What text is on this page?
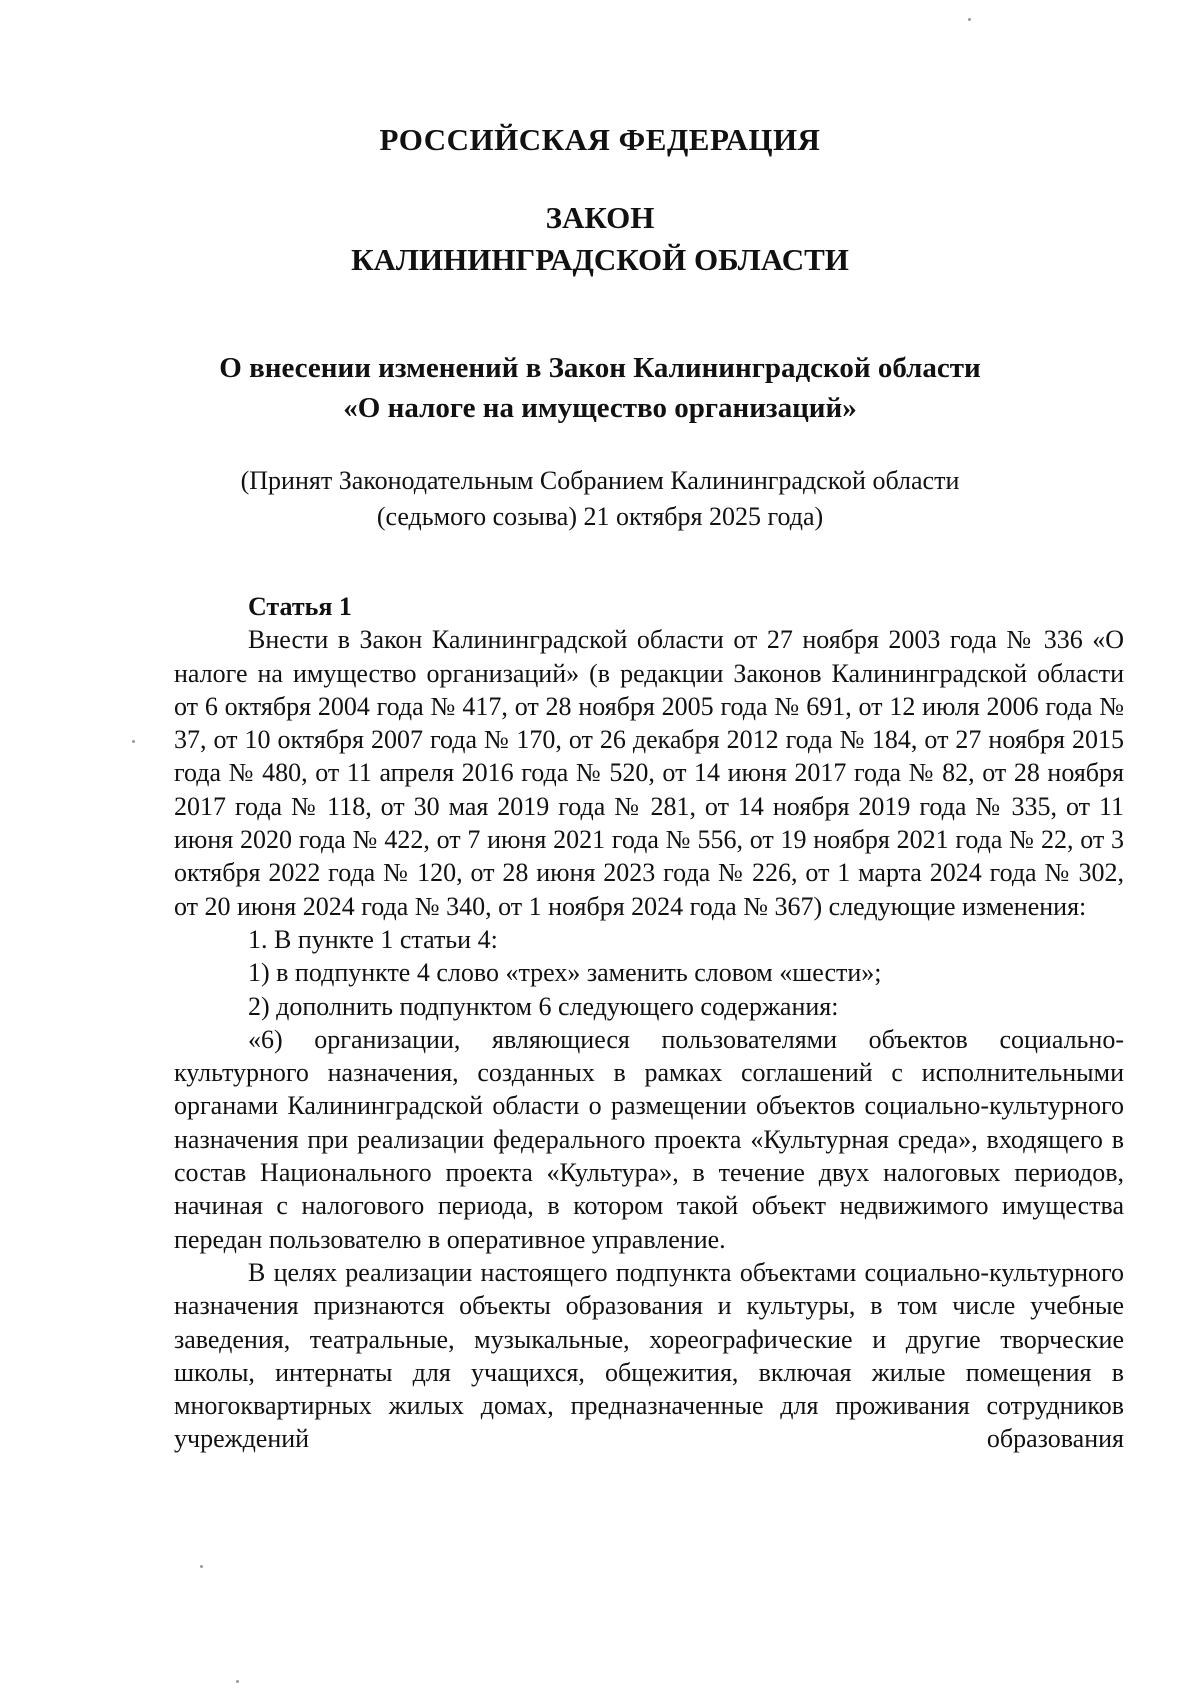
РОССИЙСКАЯ ФЕДЕРАЦИЯ
ЗАКОН
КАЛИНИНГРАДСКОЙ ОБЛАСТИ
О внесении изменений в Закон Калининградской области
«О налоге на имущество организаций»
(Принят Законодательным Собранием Калининградской области
(седьмого созыва) 21 октября 2025 года)

Статья 1

Внести в Закон Калининградской области от 27 ноября 2003 года № 336 «О налоге на имущество организаций» (в редакции Законов Калининградской области от 6 октября 2004 года № 417, от 28 ноября 2005 года № 691, от 12 июля 2006 года № 37, от 10 октября 2007 года № 170, от 26 декабря 2012 года № 184, от 27 ноября 2015 года № 480, от 11 апреля 2016 года № 520, от 14 июня 2017 года № 82, от 28 ноября 2017 года № 118, от 30 мая 2019 года № 281, от 14 ноября 2019 года № 335, от 11 июня 2020 года № 422, от 7 июня 2021 года № 556, от 19 ноября 2021 года № 22, от 3 октября 2022 года № 120, от 28 июня 2023 года № 226, от 1 марта 2024 года № 302, от 20 июня 2024 года № 340, от 1 ноября 2024 года № 367) следующие изменения:

1. В пункте 1 статьи 4:

1) в подпункте 4 слово «трех» заменить словом «шести»;

2) дополнить подпунктом 6 следующего содержания:

«6) организации, являющиеся пользователями объектов социально-культурного назначения, созданных в рамках соглашений с исполнительными органами Калининградской области о размещении объектов социально-культурного назначения при реализации федерального проекта «Культурная среда», входящего в состав Национального проекта «Культура», в течение двух налоговых периодов, начиная с налогового периода, в котором такой объект недвижимого имущества передан пользователю в оперативное управление.

В целях реализации настоящего подпункта объектами социально-культурного назначения признаются объекты образования и культуры, в том числе учебные заведения, театральные, музыкальные, хореографические и другие творческие школы, интернаты для учащихся, общежития, включая жилые помещения в многоквартирных жилых домах, предназначенные для проживания сотрудников учреждений образования
